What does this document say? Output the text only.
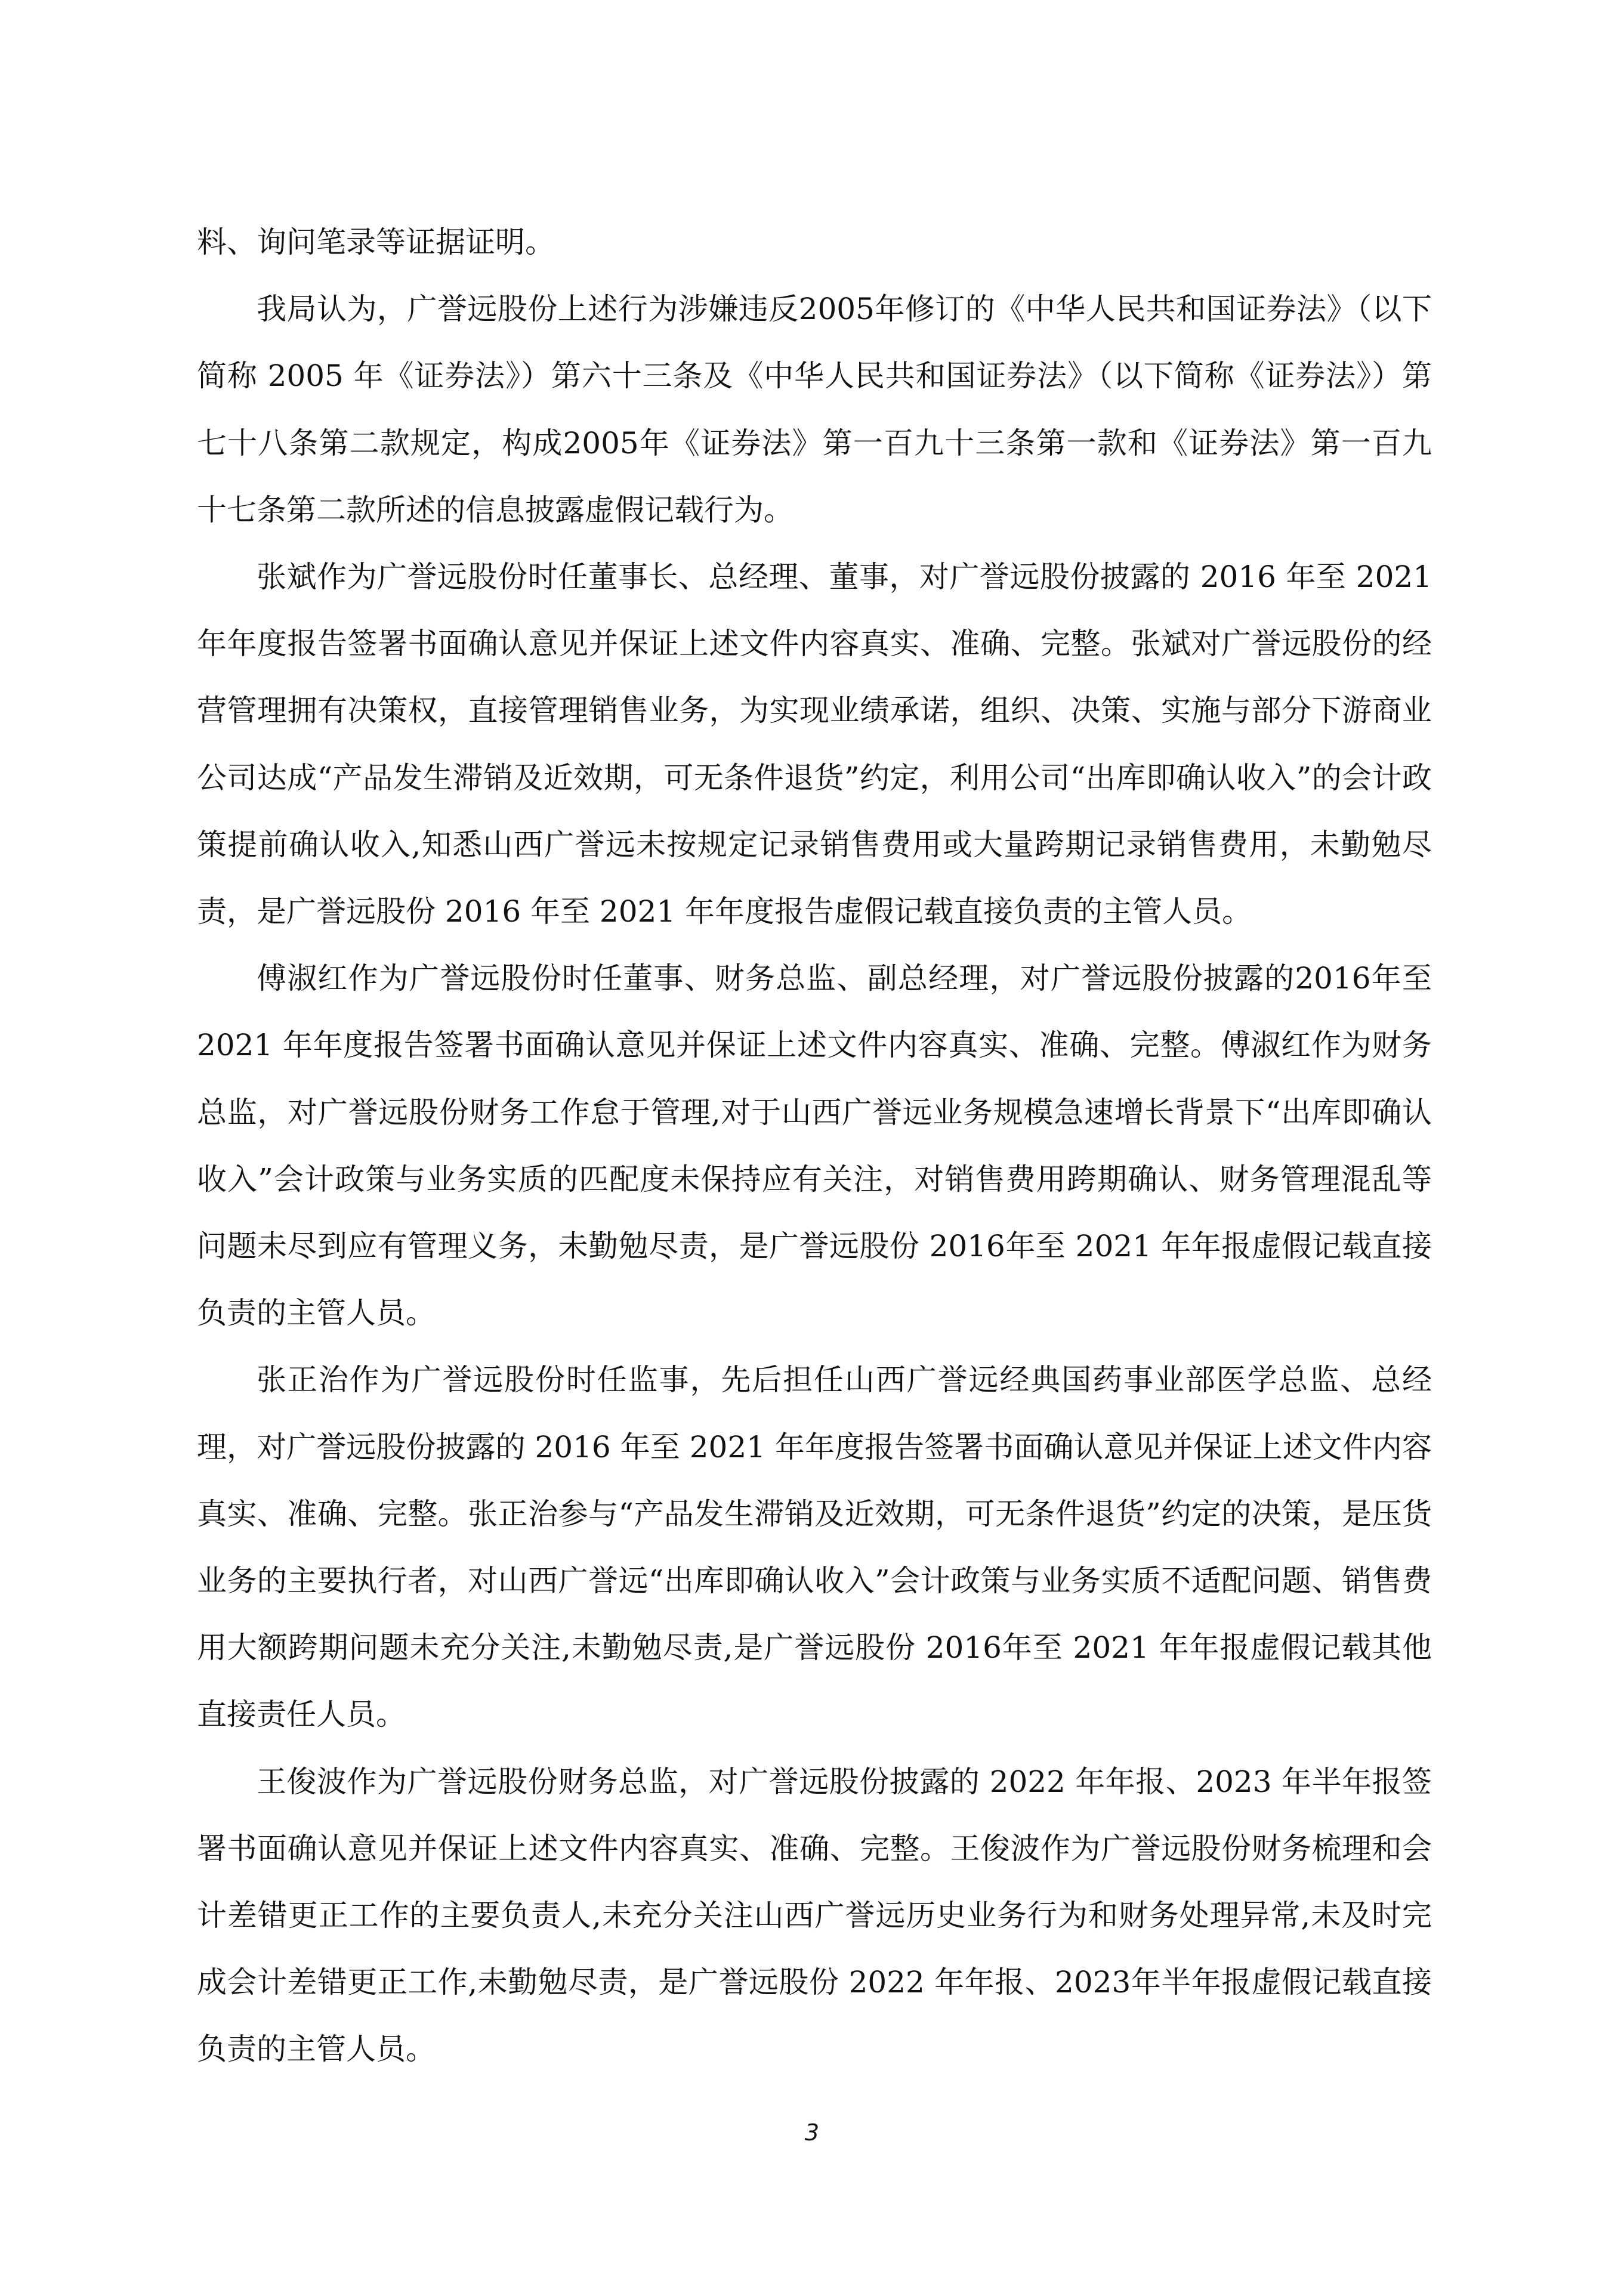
料、询问笔录等证据证明。

我局认为，广誉远股份上述行为涉嫌违反2005年修订的《中华人民共和国证券法》（以下简称 2005 年《证券法》）第六十三条及《中华人民共和国证券法》（以下简称《证券法》）第七十八条第二款规定，构成2005年《证券法》第一百九十三条第一款和《证券法》第一百九十七条第二款所述的信息披露虚假记载行为。

张斌作为广誉远股份时任董事长、总经理、董事，对广誉远股份披露的 2016 年至 2021年年度报告签署书面确认意见并保证上述文件内容真实、准确、完整。张斌对广誉远股份的经营管理拥有决策权，直接管理销售业务，为实现业绩承诺，组织、决策、实施与部分下游商业公司达成“产品发生滞销及近效期，可无条件退货”约定，利用公司“出库即确认收入”的会计政策提前确认收入,知悉山西广誉远未按规定记录销售费用或大量跨期记录销售费用，未勤勉尽责，是广誉远股份 2016 年至 2021 年年度报告虚假记载直接负责的主管人员。

傅淑红作为广誉远股份时任董事、财务总监、副总经理，对广誉远股份披露的2016年至 2021 年年度报告签署书面确认意见并保证上述文件内容真实、准确、完整。傅淑红作为财务总监，对广誉远股份财务工作怠于管理,对于山西广誉远业务规模急速增长背景下“出库即确认收入”会计政策与业务实质的匹配度未保持应有关注，对销售费用跨期确认、财务管理混乱等问题未尽到应有管理义务，未勤勉尽责，是广誉远股份 2016年至 2021 年年报虚假记载直接负责的主管人员。

张正治作为广誉远股份时任监事，先后担任山西广誉远经典国药事业部医学总监、总经理，对广誉远股份披露的 2016 年至 2021 年年度报告签署书面确认意见并保证上述文件内容真实、准确、完整。张正治参与“产品发生滞销及近效期，可无条件退货”约定的决策，是压货业务的主要执行者，对山西广誉远“出库即确认收入”会计政策与业务实质不适配问题、销售费用大额跨期问题未充分关注,未勤勉尽责,是广誉远股份 2016年至 2021 年年报虚假记载其他直接责任人员。

王俊波作为广誉远股份财务总监，对广誉远股份披露的 2022 年年报、2023 年半年报签署书面确认意见并保证上述文件内容真实、准确、完整。王俊波作为广誉远股份财务梳理和会计差错更正工作的主要负责人,未充分关注山西广誉远历史业务行为和财务处理异常,未及时完成会计差错更正工作,未勤勉尽责，是广誉远股份 2022 年年报、2023年半年报虚假记载直接负责的主管人员。

3
